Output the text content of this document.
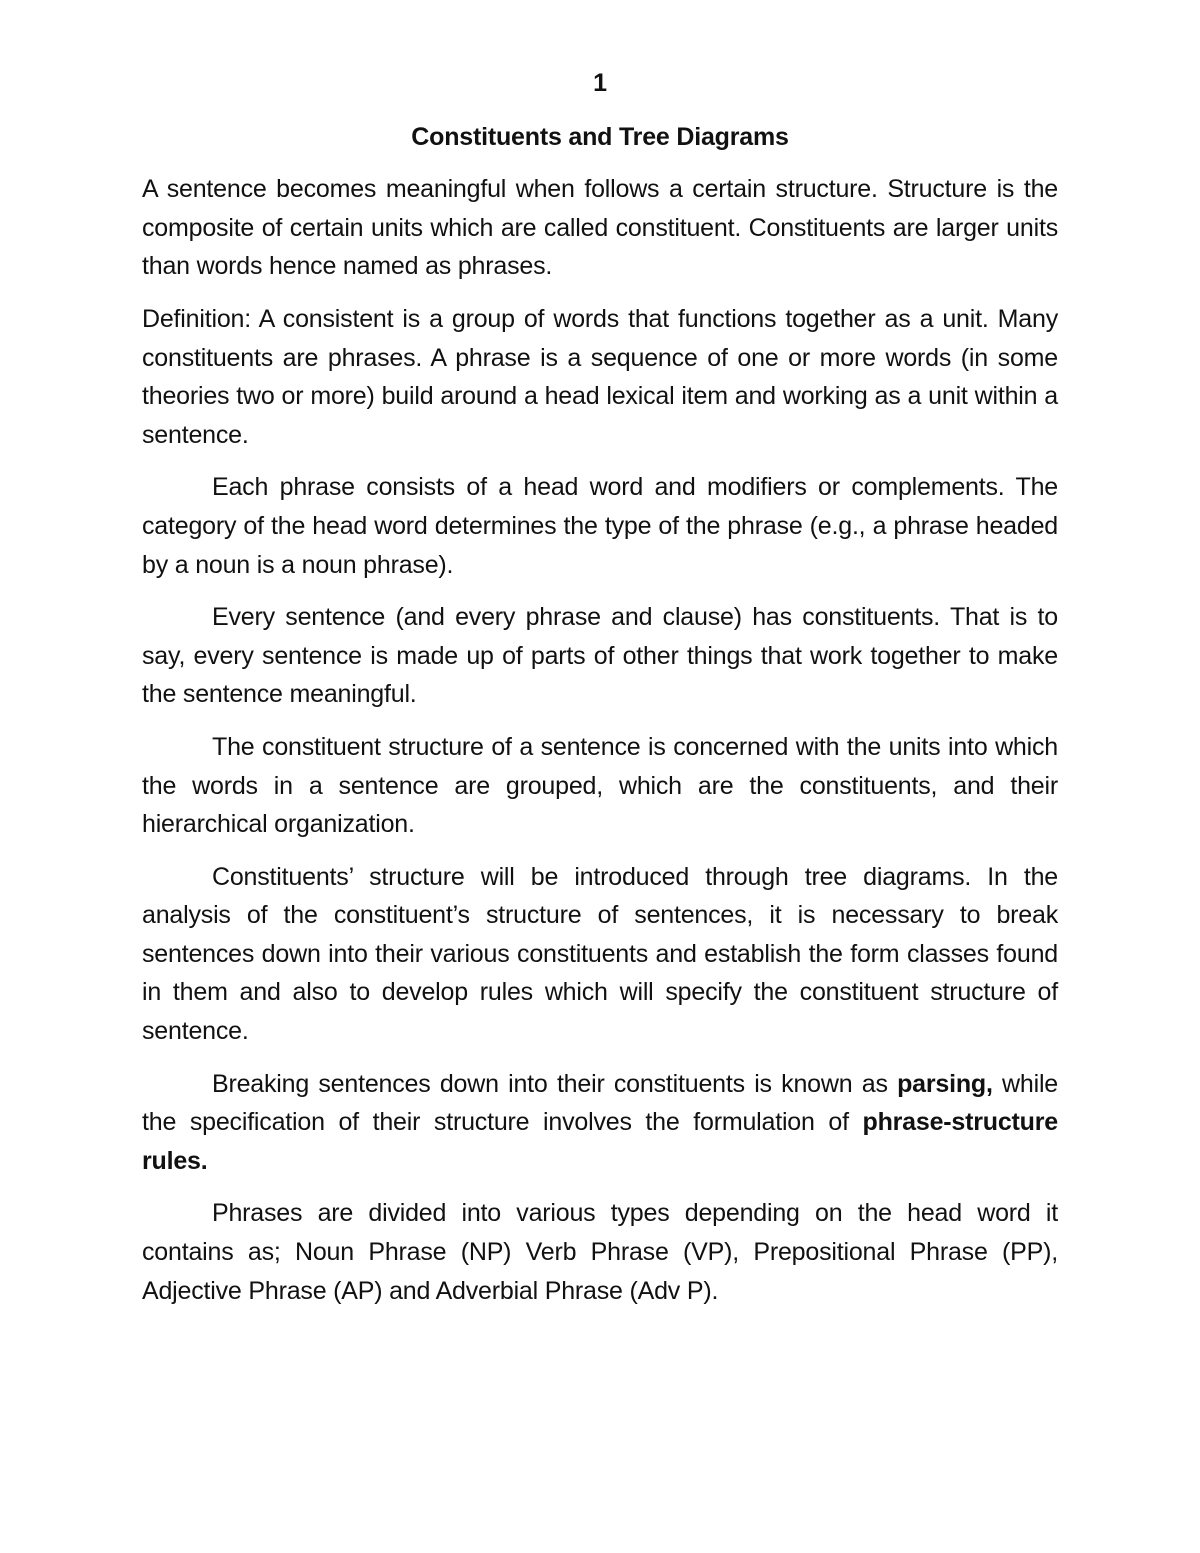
1
Constituents and Tree Diagrams

A sentence becomes meaningful when follows a certain structure. Structure is the composite of certain units which are called constituent. Constituents are larger units than words hence named as phrases.

Definition: A consistent is a group of words that functions together as a unit. Many constituents are phrases. A phrase is a sequence of one or more words (in some theories two or more) build around a head lexical item and working as a unit within a sentence.

Each phrase consists of a head word and modifiers or complements. The category of the head word determines the type of the phrase (e.g., a phrase headed by a noun is a noun phrase).

Every sentence (and every phrase and clause) has constituents. That is to say, every sentence is made up of parts of other things that work together to make the sentence meaningful.

The constituent structure of a sentence is concerned with the units into which the words in a sentence are grouped, which are the constituents, and their hierarchical organization.

Constituents’ structure will be introduced through tree diagrams. In the analysis of the constituent’s structure of sentences, it is necessary to break sentences down into their various constituents and establish the form classes found in them and also to develop rules which will specify the constituent structure of sentence.

Breaking sentences down into their constituents is known as parsing, while the specification of their structure involves the formulation of phrase-structure rules.

Phrases are divided into various types depending on the head word it contains as; Noun Phrase (NP) Verb Phrase (VP), Prepositional Phrase (PP), Adjective Phrase (AP) and Adverbial Phrase (Adv P).
